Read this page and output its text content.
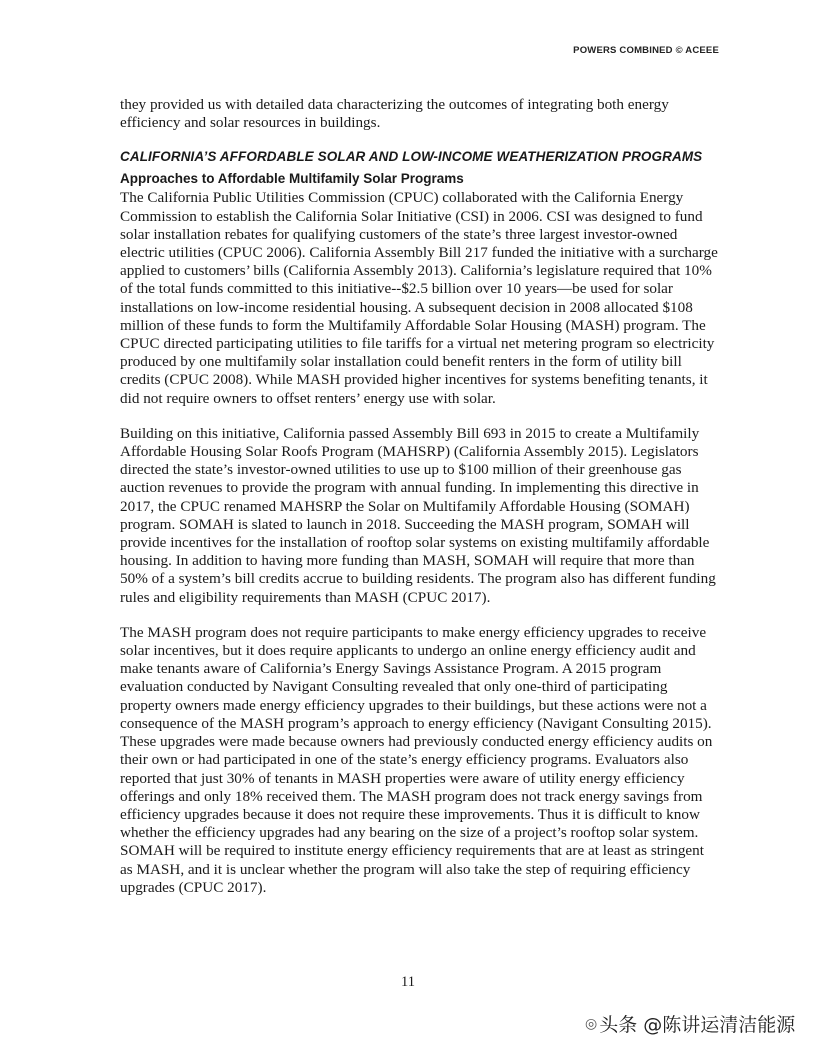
POWERS COMBINED © ACEEE

they provided us with detailed data characterizing the outcomes of integrating both energy efficiency and solar resources in buildings.

CALIFORNIA’S AFFORDABLE SOLAR AND LOW-INCOME WEATHERIZATION PROGRAMS
Approaches to Affordable Multifamily Solar Programs

The California Public Utilities Commission (CPUC) collaborated with the California Energy Commission to establish the California Solar Initiative (CSI) in 2006. CSI was designed to fund solar installation rebates for qualifying customers of the state’s three largest investor-owned electric utilities (CPUC 2006). California Assembly Bill 217 funded the initiative with a surcharge applied to customers’ bills (California Assembly 2013). California’s legislature required that 10% of the total funds committed to this initiative--$2.5 billion over 10 years—be used for solar installations on low-income residential housing. A subsequent decision in 2008 allocated $108 million of these funds to form the Multifamily Affordable Solar Housing (MASH) program. The CPUC directed participating utilities to file tariffs for a virtual net metering program so electricity produced by one multifamily solar installation could benefit renters in the form of utility bill credits (CPUC 2008). While MASH provided higher incentives for systems benefiting tenants, it did not require owners to offset renters’ energy use with solar.

Building on this initiative, California passed Assembly Bill 693 in 2015 to create a Multifamily Affordable Housing Solar Roofs Program (MAHSRP) (California Assembly 2015). Legislators directed the state’s investor-owned utilities to use up to $100 million of their greenhouse gas auction revenues to provide the program with annual funding. In implementing this directive in 2017, the CPUC renamed MAHSRP the Solar on Multifamily Affordable Housing (SOMAH) program. SOMAH is slated to launch in 2018. Succeeding the MASH program, SOMAH will provide incentives for the installation of rooftop solar systems on existing multifamily affordable housing. In addition to having more funding than MASH, SOMAH will require that more than 50% of a system’s bill credits accrue to building residents. The program also has different funding rules and eligibility requirements than MASH (CPUC 2017).

The MASH program does not require participants to make energy efficiency upgrades to receive solar incentives, but it does require applicants to undergo an online energy efficiency audit and make tenants aware of California’s Energy Savings Assistance Program. A 2015 program evaluation conducted by Navigant Consulting revealed that only one-third of participating property owners made energy efficiency upgrades to their buildings, but these actions were not a consequence of the MASH program’s approach to energy efficiency (Navigant Consulting 2015). These upgrades were made because owners had previously conducted energy efficiency audits on their own or had participated in one of the state’s energy efficiency programs. Evaluators also reported that just 30% of tenants in MASH properties were aware of utility energy efficiency offerings and only 18% received them. The MASH program does not track energy savings from efficiency upgrades because it does not require these improvements. Thus it is difficult to know whether the efficiency upgrades had any bearing on the size of a project’s rooftop solar system. SOMAH will be required to institute energy efficiency requirements that are at least as stringent as MASH, and it is unclear whether the program will also take the step of requiring efficiency upgrades (CPUC 2017).

11
◎ 头条 @陈讲运清洁能源
